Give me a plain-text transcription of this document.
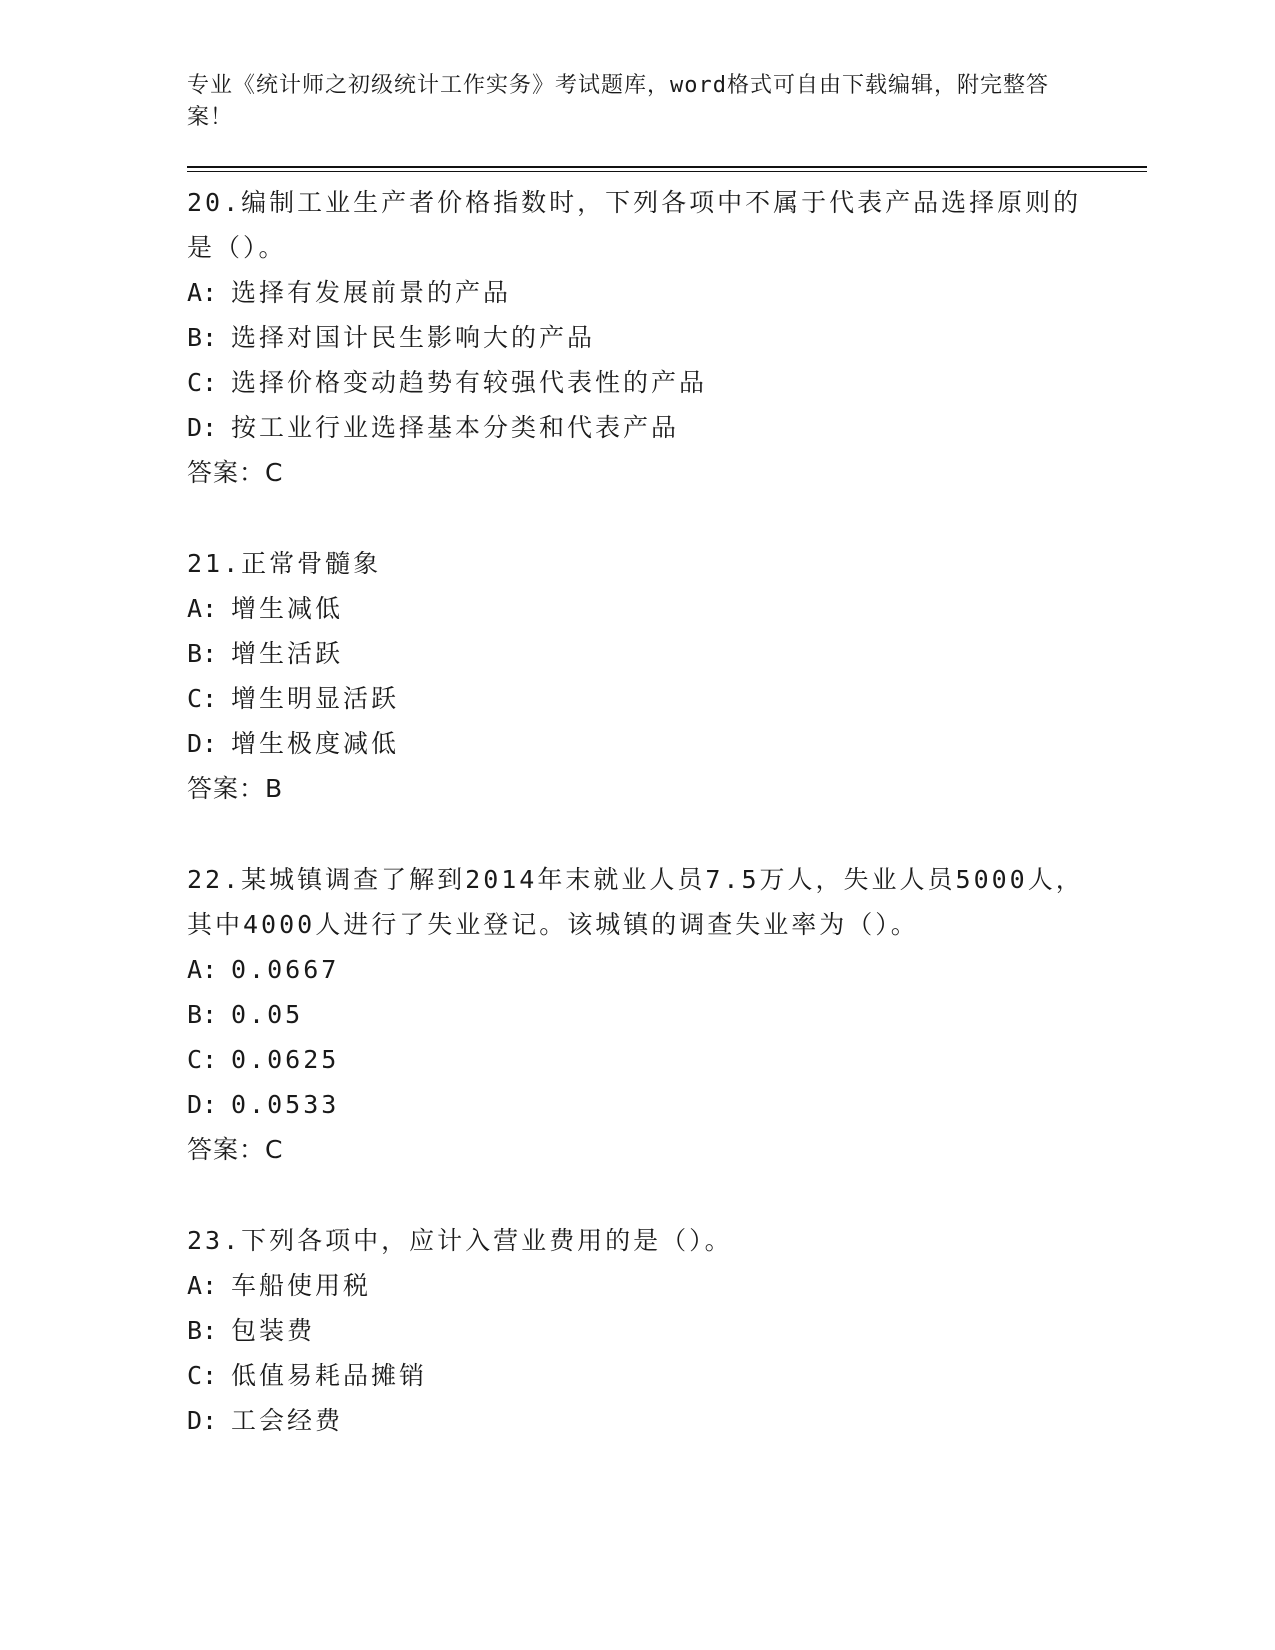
专业《统计师之初级统计工作实务》考试题库，word格式可自由下载编辑，附完整答案！
20.编制工业生产者价格指数时，下列各项中不属于代表产品选择原则的是（）。
A: 选择有发展前景的产品
B: 选择对国计民生影响大的产品
C: 选择价格变动趋势有较强代表性的产品
D: 按工业行业选择基本分类和代表产品
答案：C
21.正常骨髓象
A: 增生减低
B: 增生活跃
C: 增生明显活跃
D: 增生极度减低
答案：B
22.某城镇调查了解到2014年末就业人员7.5万人，失业人员5000人，其中4000人进行了失业登记。该城镇的调查失业率为（）。
A: 0.0667
B: 0.05
C: 0.0625
D: 0.0533
答案：C
23.下列各项中，应计入营业费用的是（）。
A: 车船使用税
B: 包装费
C: 低值易耗品摊销
D: 工会经费
